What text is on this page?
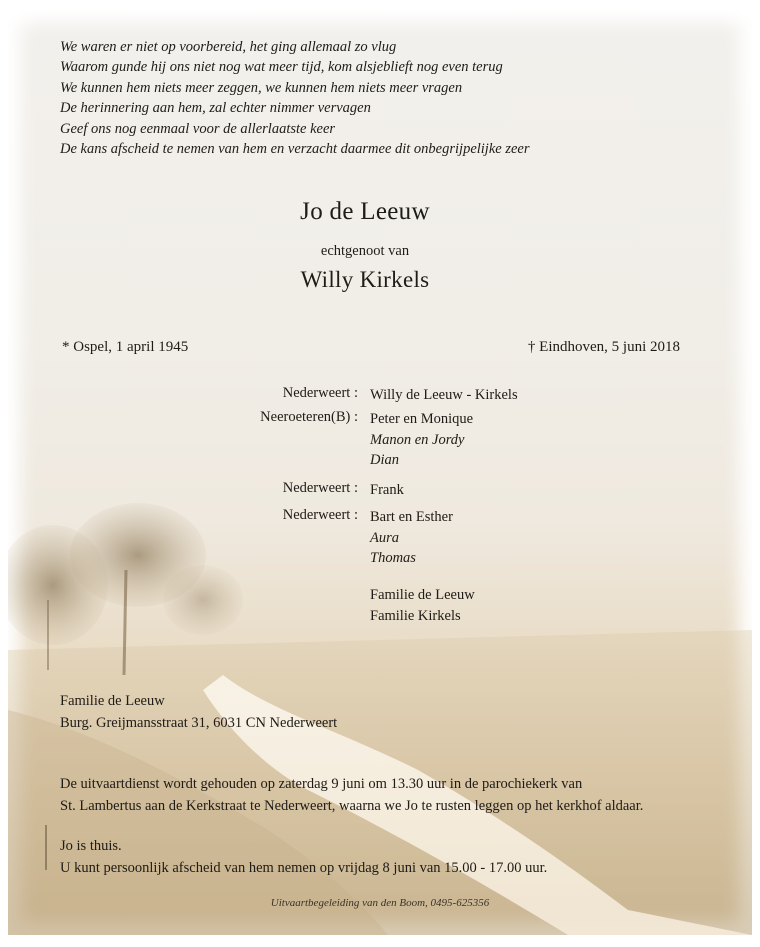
We waren er niet op voorbereid, het ging allemaal zo vlug
Waarom gunde hij ons niet nog wat meer tijd, kom alsjeblieft nog even terug
We kunnen hem niets meer zeggen, we kunnen hem niets meer vragen
De herinnering aan hem, zal echter nimmer vervagen
Geef ons nog eenmaal voor de allerlaatste keer
De kans afscheid te nemen van hem en verzacht daarmee dit onbegrijpelijke zeer
Jo de Leeuw
echtgenoot van
Willy Kirkels
* Ospel, 1 april 1945	† Eindhoven, 5 juni 2018
Nederweert : Willy de Leeuw - Kirkels
Neeroeteren(B) : Peter en Monique
Manon en Jordy
Dian
Nederweert : Frank
Nederweert : Bart en Esther
Aura
Thomas
Familie de Leeuw
Familie Kirkels
Familie de Leeuw
Burg. Greijmansstraat 31, 6031 CN Nederweert
De uitvaartdienst wordt gehouden op zaterdag 9 juni om 13.30 uur in de parochiekerk van
St. Lambertus aan de Kerkstraat te Nederweert, waarna we Jo te rusten leggen op het kerkhof aldaar.
Jo is thuis.
U kunt persoonlijk afscheid van hem nemen op vrijdag 8 juni van 15.00 - 17.00 uur.
Uitvaartbegeleiding van den Boom, 0495-625356
